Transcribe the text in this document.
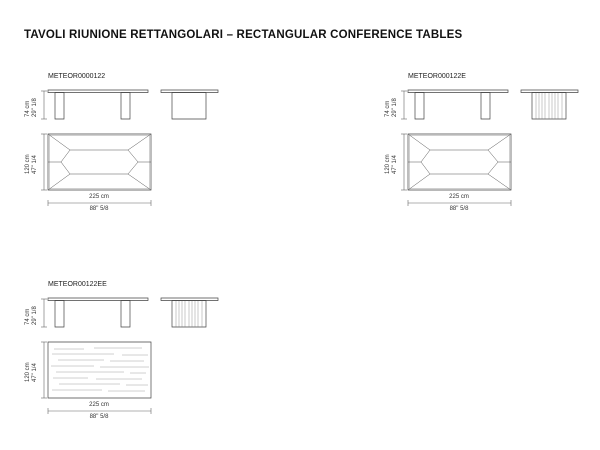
TAVOLI RIUNIONE RETTANGOLARI – RECTANGULAR CONFERENCE TABLES
METEOR0000122
74 cm 29" 1/8
120 cm 47" 1/4
225 cm
88" 5/8
METEOR000122E
74 cm 29" 1/8
120 cm 47" 1/4
225 cm
88" 5/8
METEOR00122EE
74 cm 29" 1/8
120 cm 47" 1/4
225 cm
88" 5/8
